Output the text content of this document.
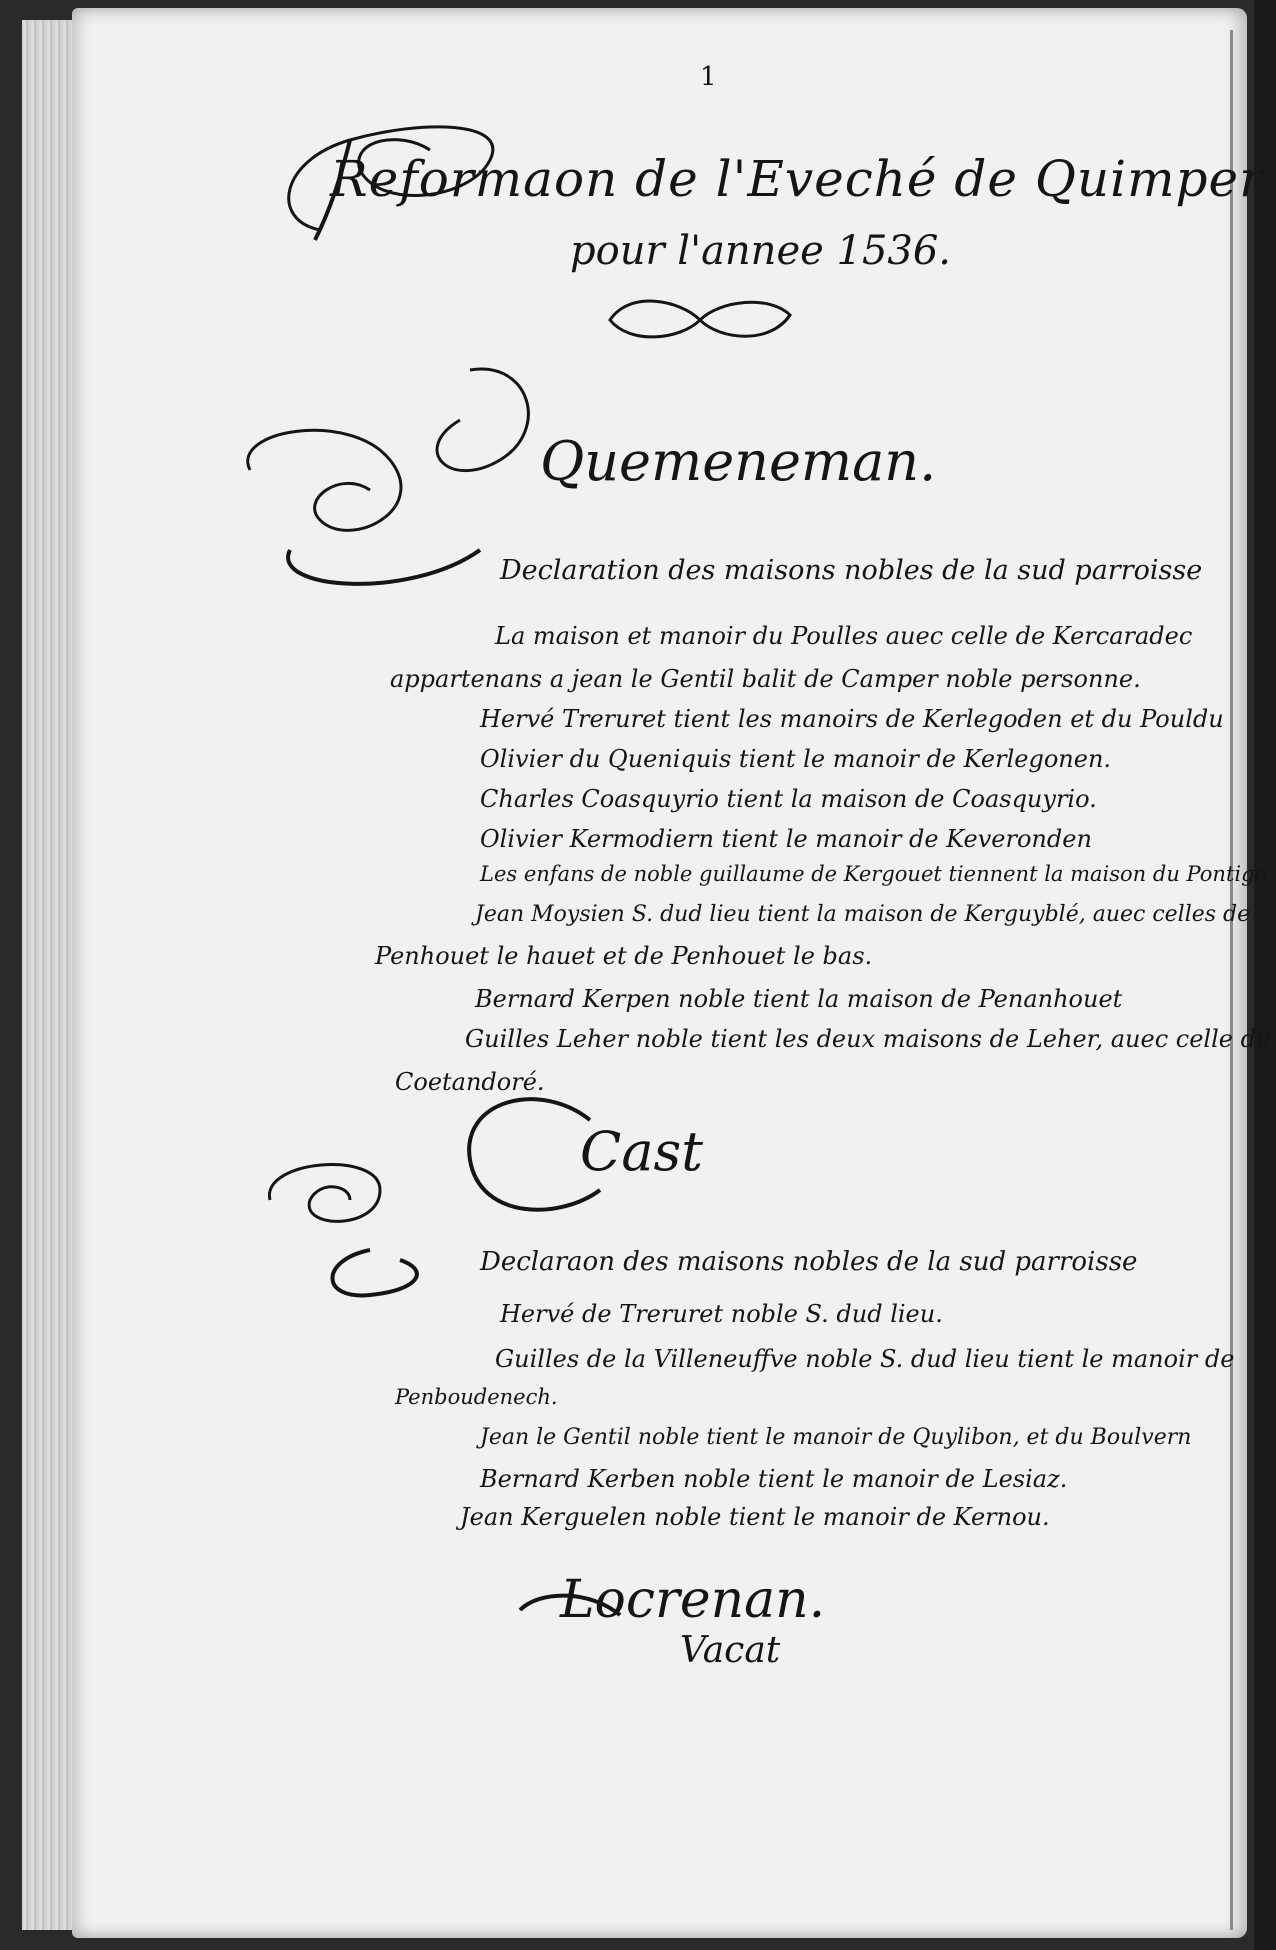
1
Reformaon de l'Eveché de Quimper
pour l'annee 1536.
Quemeneman.
Declaration des maisons nobles de la sud parroisse
La maison et manoir du Poulles auec celle de Kercaradec
appartenans a jean le Gentil balit de Camper noble personne.
Hervé Treruret tient les manoirs de Kerlegoden et du Pouldu
Olivier du Queniquis tient le manoir de Kerlegonen.
Charles Coasquyrio tient la maison de Coasquyrio.
Olivier Kermodiern tient le manoir de Keveronden
Les enfans de noble guillaume de Kergouet tiennent la maison du Pontigo
Jean Moysien S. dud lieu tient la maison de Kerguyblé, auec celles de
Penhouet le hauet et de Penhouet le bas.
Bernard Kerpen noble tient la maison de Penanhouet
Guilles Leher noble tient les deux maisons de Leher, auec celle de
Coetandoré.
Cast
Declaraon des maisons nobles de la sud parroisse
Hervé de Treruret noble S. dud lieu.
Guilles de la Villeneuffve noble S. dud lieu tient le manoir de
Penboudenech.
Jean le Gentil noble tient le manoir de Quylibon, et du Boulvern
Bernard Kerben noble tient le manoir de Lesiaz.
Jean Kerguelen noble tient le manoir de Kernou.
Locrenan.
Vacat
